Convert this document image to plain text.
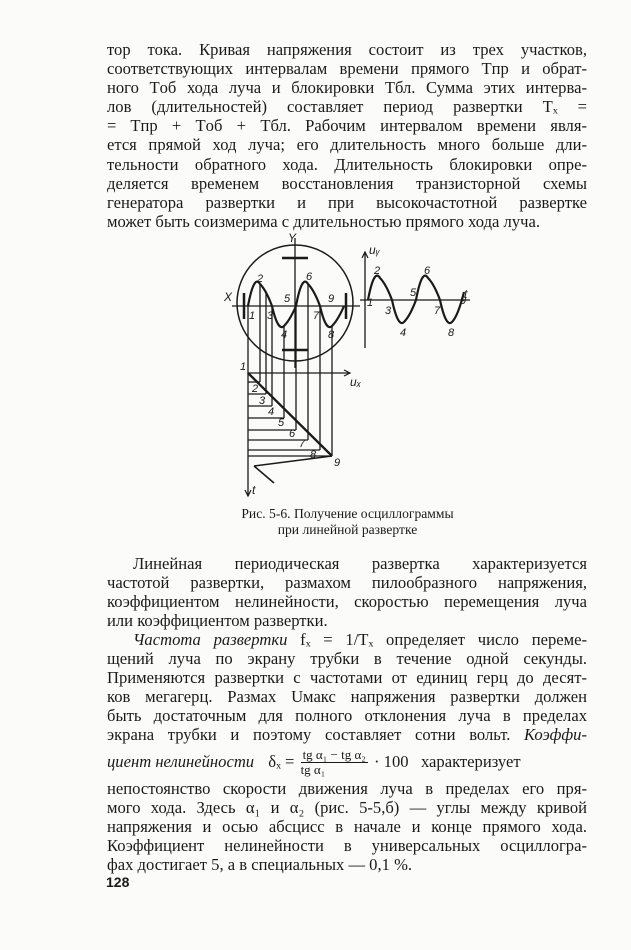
тор тока. Кривая напряжения состоит из трех участков,
соответствующих интервалам времени прямого Tпр и обрат-
ного Tоб хода луча и блокировки Tбл. Сумма этих интерва-
лов (длительностей) составляет период развертки Tₓ =
= Tпр + Tоб + Tбл. Рабочим интервалом времени явля-
ется прямой ход луча; его длительность много больше дли-
тельности обратного хода. Длительность блокировки опре-
деляется временем восстановления транзисторной схемы
генератора развертки и при высокочастотной развертке
может быть соизмерима с длительностью прямого хода луча.
Y
X
uᵧ
t
uₓ
t
1
2
3
4
5
6
7
8
9	1
2
3
4
5
6
7
8
9
1
2
3
4
5
6
7
8
9
Рис. 5-6. Получение осциллограммы
при линейной развертке
Линейная периодическая развертка характеризуется
частотой развертки, размахом пилообразного напряжения,
коэффициентом нелинейности, скоростью перемещения луча
или коэффициентом развертки.
Частота развертки fₓ = 1/Tₓ определяет число переме-
щений луча по экрану трубки в течение одной секунды.
Применяются развертки с частотами от единиц герц до десят-
ков мегагерц. Размах Uмакс напряжения развертки должен
быть достаточным для полного отклонения луча в пределах
экрана трубки и поэтому составляет сотни вольт. Коэффи-
циент нелинейности $\delta_x = \frac{\text{tg α₁ − tg α₂}}{\text{tg α₁}} \cdot 100$   характеризует
непостоянство скорости движения луча в пределах его пря-
мого хода. Здесь α₁ и α₂ (рис. 5-5,б) — углы между кривой
напряжения и осью абсцисс в начале и конце прямого хода.
Коэффициент нелинейности в универсальных осциллогра-
фах достигает 5, а в специальных — 0,1 %.
128
